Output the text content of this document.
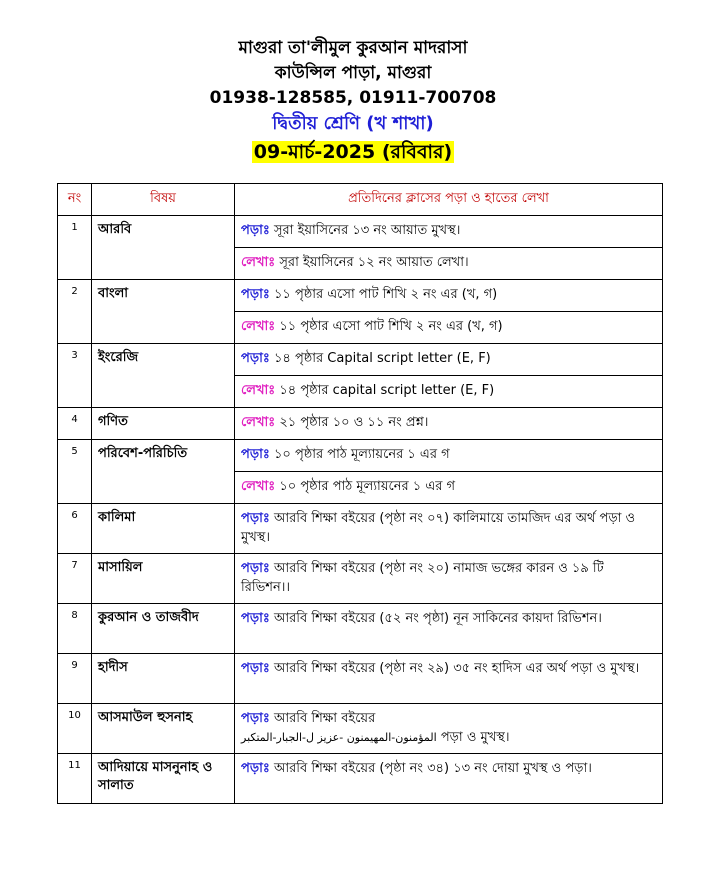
মাগুরা তা'লীমুল কুরআন মাদরাসা
কাউন্সিল পাড়া, মাগুরা
01938-128585, 01911-700708
দ্বিতীয় শ্রেণি (খ শাখা)
09-মার্চ-2025 (রবিবার)
নং	বিষয়	প্রতিদিনের ক্লাসের পড়া ও হাতের লেখা
1	আরবি	পড়াঃ সূরা ইয়াসিনের ১৩ নং আয়াত মুখস্থ।
		লেখাঃ সূরা ইয়াসিনের ১২ নং আয়াত লেখা।
2	বাংলা	পড়াঃ ১১ পৃষ্ঠার এসো পাট শিখি ২ নং এর (খ, গ)
		লেখাঃ ১১ পৃষ্ঠার এসো পাট শিখি ২ নং এর (খ, গ)
3	ইংরেজি	পড়াঃ ১৪ পৃষ্ঠার Capital script letter (E, F)
		লেখাঃ ১৪ পৃষ্ঠার capital script letter (E, F)
4	গণিত	লেখাঃ ২১ পৃষ্ঠার ১০ ও ১১ নং প্রশ্ন।
5	পরিবেশ-পরিচিতি	পড়াঃ ১০ পৃষ্ঠার পাঠ মূল্যায়নের ১ এর গ
		লেখাঃ ১০ পৃষ্ঠার পাঠ মূল্যায়নের ১ এর গ
6	কালিমা	পড়াঃ আরবি শিক্ষা বইয়ের (পৃষ্ঠা নং ০৭) কালিমায়ে তামজিদ এর অর্থ পড়া ও মুখস্থ।
7	মাসায়িল	পড়াঃ আরবি শিক্ষা বইয়ের (পৃষ্ঠা নং ২০) নামাজ ভঙ্গের কারন ও ১৯ টি রিভিশন।।
8	কুরআন ও তাজবীদ	পড়াঃ আরবি শিক্ষা বইয়ের (৫২ নং পৃষ্ঠা) নূন সাকিনের কায়দা রিভিশন।
9	হাদীস	পড়াঃ আরবি শিক্ষা বইয়ের (পৃষ্ঠা নং ২৯) ৩৫ নং হাদিস এর অর্থ পড়া ও মুখস্থ।
10	আসমাউল হুসনাহ	পড়াঃ আরবি শিক্ষা বইয়ের
المؤمنون-المهيمنون -عزيز ل-الجبار-المتكبر পড়া ও মুখস্থ।
11	আদিয়ায়ে মাসনুনাহ ও সালাত	পড়াঃ আরবি শিক্ষা বইয়ের (পৃষ্ঠা নং ৩৪) ১৩ নং দোয়া মুখস্থ ও পড়া।
